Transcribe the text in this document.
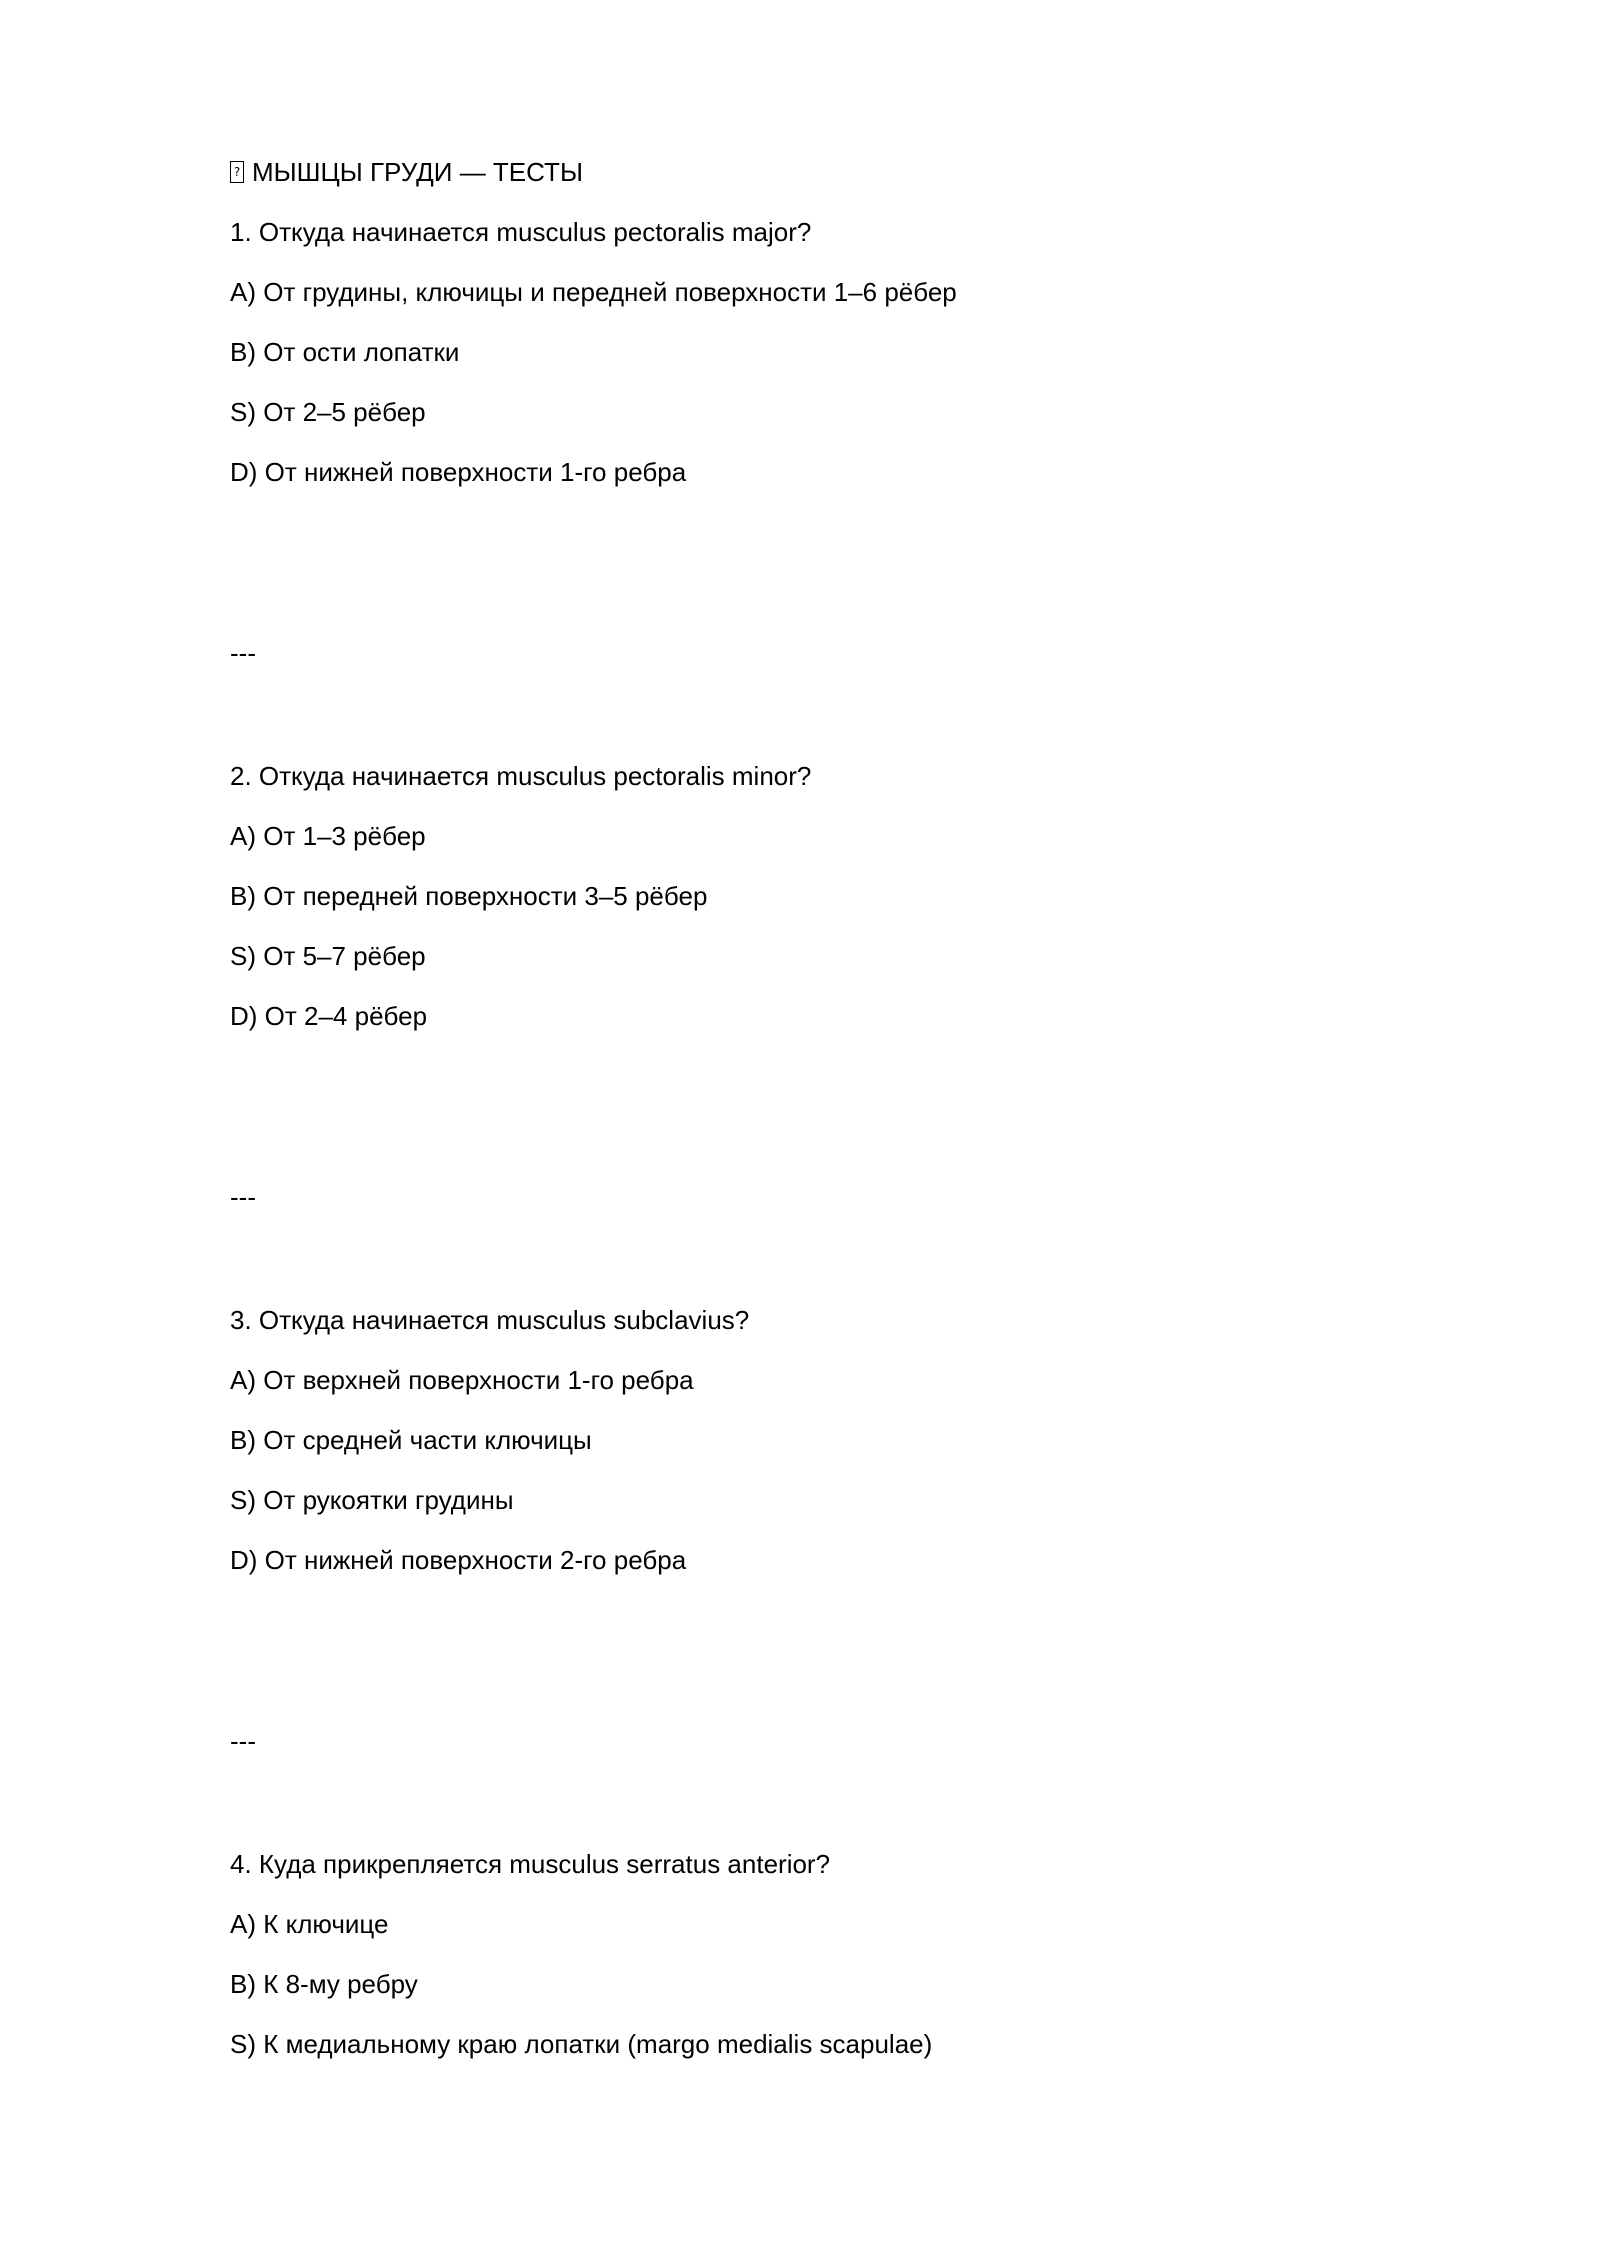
?
МЫШЦЫ ГРУДИ — ТЕСТЫ

1. Откуда начинается musculus pectoralis major?

A) От грудины, ключицы и передней поверхности 1–6 рёбер

B) От ости лопатки

S) От 2–5 рёбер

D) От нижней поверхности 1-го ребра

---

2. Откуда начинается musculus pectoralis minor?

A) От 1–3 рёбер

B) От передней поверхности 3–5 рёбер

S) От 5–7 рёбер

D) От 2–4 рёбер

---

3. Откуда начинается musculus subclavius?

A) От верхней поверхности 1-го ребра

B) От средней части ключицы

S) От рукоятки грудины

D) От нижней поверхности 2-го ребра

---

4. Куда прикрепляется musculus serratus anterior?

A) К ключице

B) К 8-му ребру

S) К медиальному краю лопатки (margo medialis scapulae)
